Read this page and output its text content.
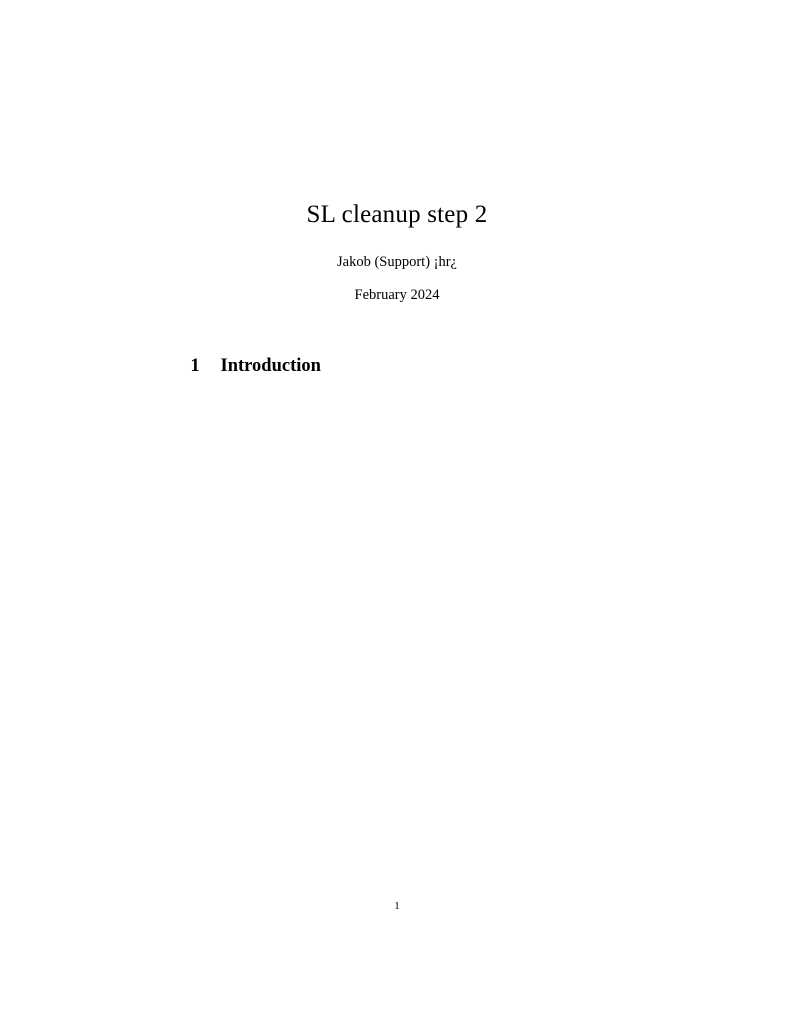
SL cleanup step 2

Jakob (Support) ¡hr¿

February 2024

1 Introduction

1
